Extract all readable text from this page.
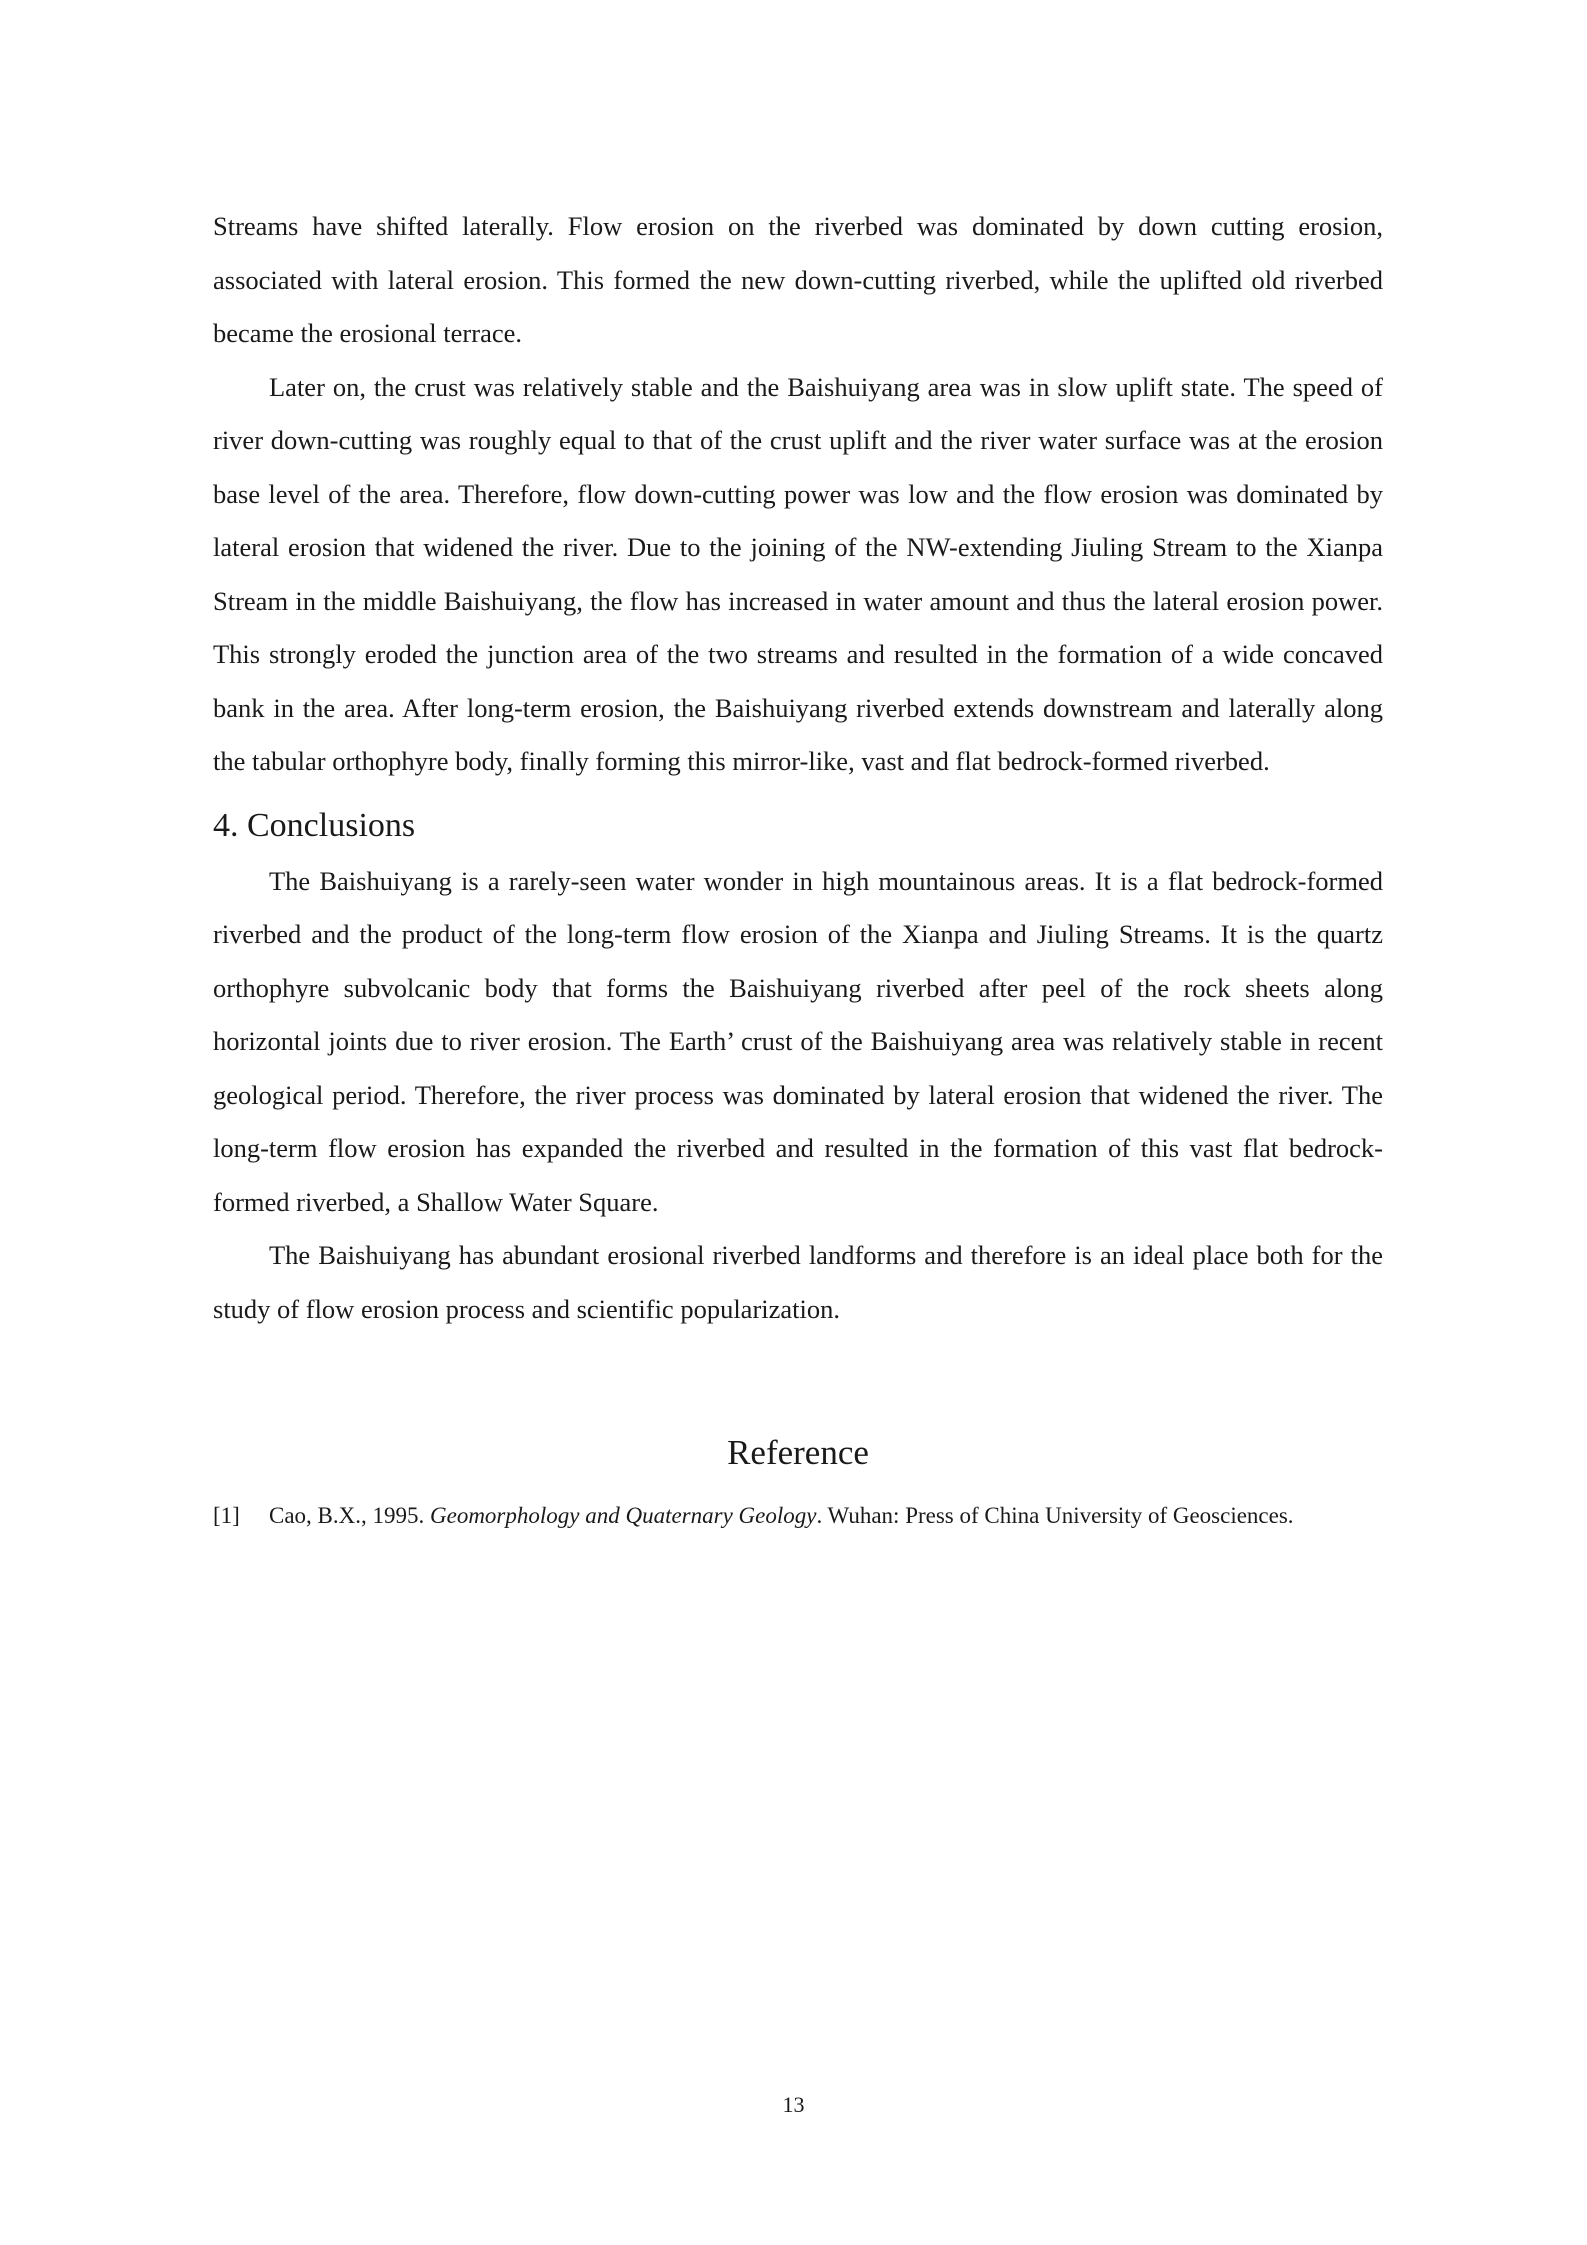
Streams have shifted laterally. Flow erosion on the riverbed was dominated by down cutting erosion, associated with lateral erosion. This formed the new down-cutting riverbed, while the uplifted old riverbed became the erosional terrace.

Later on, the crust was relatively stable and the Baishuiyang area was in slow uplift state. The speed of river down-cutting was roughly equal to that of the crust uplift and the river water surface was at the erosion base level of the area. Therefore, flow down-cutting power was low and the flow erosion was dominated by lateral erosion that widened the river. Due to the joining of the NW-extending Jiuling Stream to the Xianpa Stream in the middle Baishuiyang, the flow has increased in water amount and thus the lateral erosion power. This strongly eroded the junction area of the two streams and resulted in the formation of a wide concaved bank in the area. After long-term erosion, the Baishuiyang riverbed extends downstream and laterally along the tabular orthophyre body, finally forming this mirror-like, vast and flat bedrock-formed riverbed.

4. Conclusions

The Baishuiyang is a rarely-seen water wonder in high mountainous areas. It is a flat bedrock-formed riverbed and the product of the long-term flow erosion of the Xianpa and Jiuling Streams. It is the quartz orthophyre subvolcanic body that forms the Baishuiyang riverbed after peel of the rock sheets along horizontal joints due to river erosion. The Earth’ crust of the Baishuiyang area was relatively stable in recent geological period. Therefore, the river process was dominated by lateral erosion that widened the river. The long-term flow erosion has expanded the riverbed and resulted in the formation of this vast flat bedrock-formed riverbed, a Shallow Water Square.

The Baishuiyang has abundant erosional riverbed landforms and therefore is an ideal place both for the study of flow erosion process and scientific popularization.

Reference
[1]	Cao, B.X., 1995. Geomorphology and Quaternary Geology. Wuhan: Press of China University of Geosciences.
13
